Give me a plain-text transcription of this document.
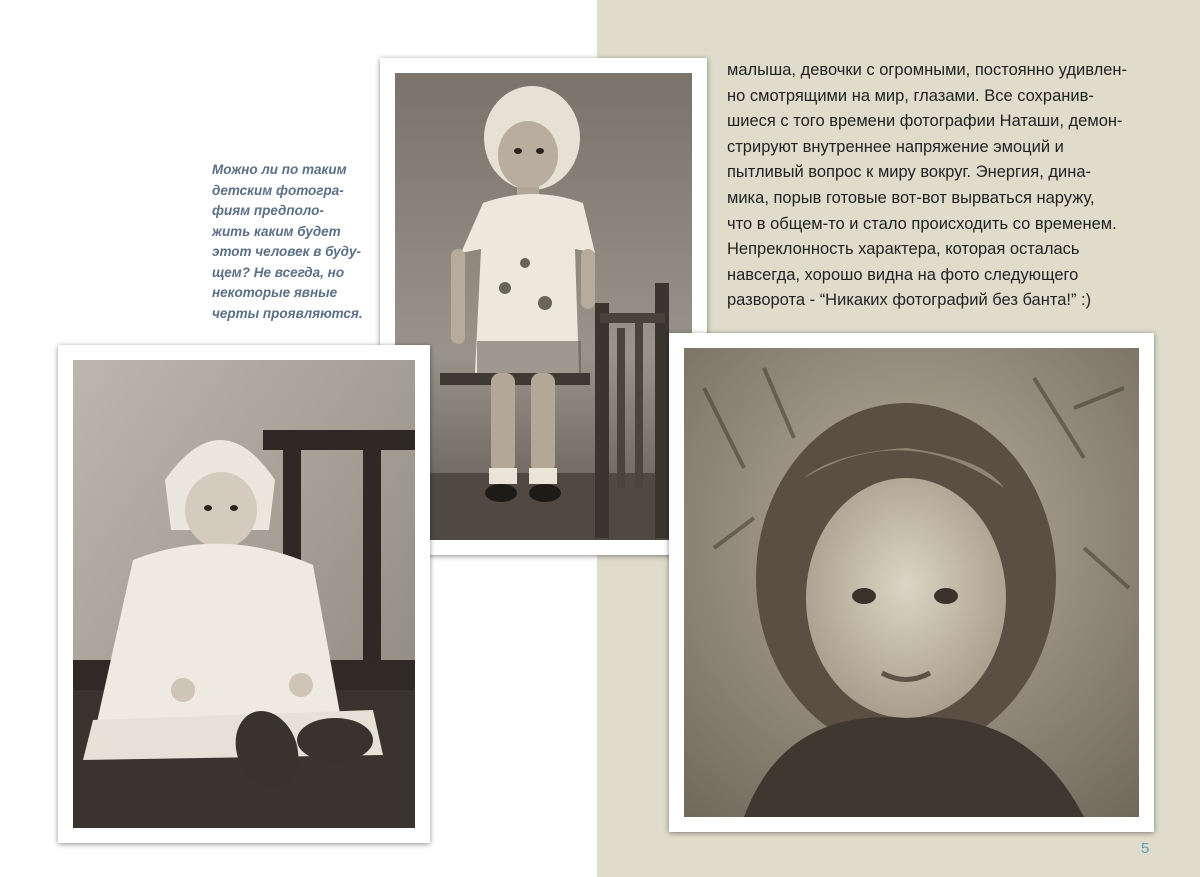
Можно ли по таким
детским фотогра-
фиям предполо-
жить каким будет
этот человек в буду-
щем? Не всегда, но
некоторые явные
черты проявляются.
малыша, девочки с огромными, постоянно удивлен-
но смотрящими на мир, глазами. Все сохранив-
шиеся с того времени фотографии Наташи, демон-
стрируют внутреннее напряжение эмоций и
пытливый вопрос к миру вокруг. Энергия, дина-
мика, порыв готовые вот-вот вырваться наружу,
что в общем-то и стало происходить со временем.
Непреклонность характера, которая осталась
навсегда, хорошо видна на фото следующего
разворота - “Никаких фотографий без банта!” :)
5
